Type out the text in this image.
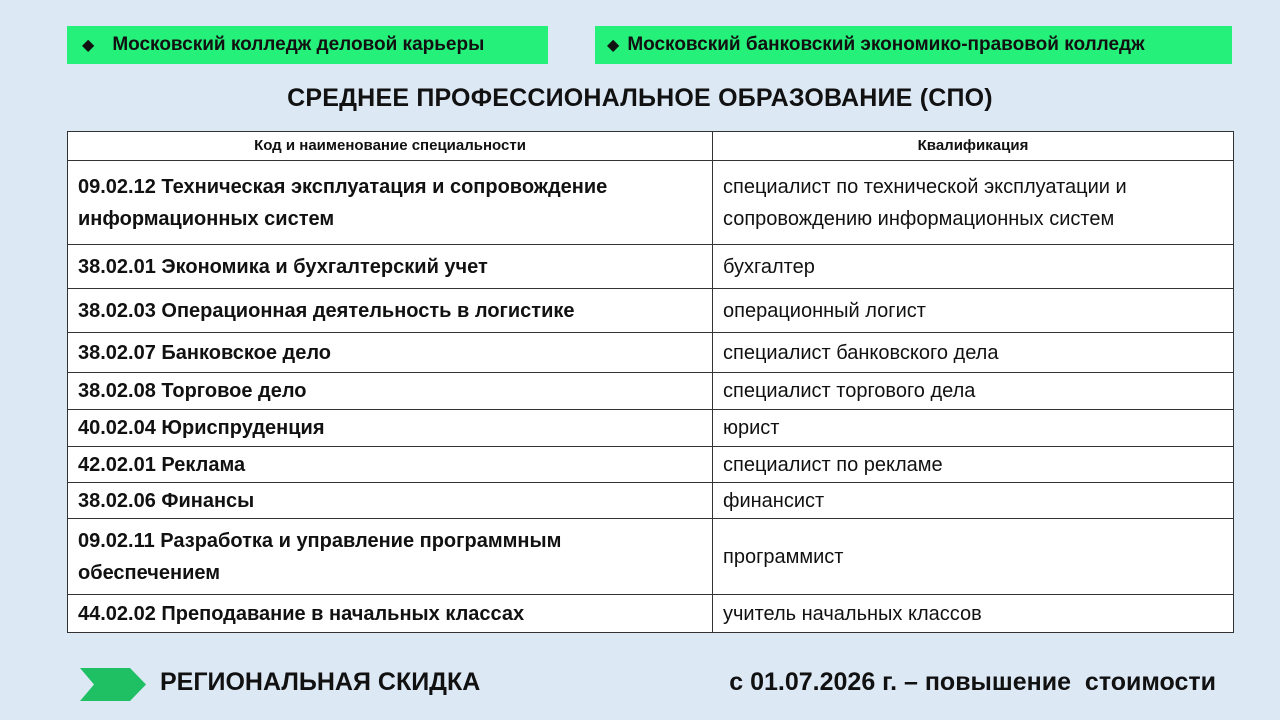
◆ Московский колледж деловой карьеры	◆ Московский банковский экономико-правовой колледж
СРЕДНЕЕ ПРОФЕССИОНАЛЬНОЕ ОБРАЗОВАНИЕ (СПО)
Код и наименование специальности	Квалификация
09.02.12 Техническая эксплуатация и сопровождение информационных систем	специалист по технической эксплуатации и сопровождению информационных систем
38.02.01 Экономика и бухгалтерский учет	бухгалтер
38.02.03 Операционная деятельность в логистике	операционный логист
38.02.07 Банковское дело	специалист банковского дела
38.02.08 Торговое дело	специалист торгового дела
40.02.04 Юриспруденция	юрист
42.02.01 Реклама	специалист по рекламе
38.02.06 Финансы	финансист
09.02.11 Разработка и управление программным обеспечением	программист
44.02.02 Преподавание в начальных классах	учитель начальных классов
РЕГИОНАЛЬНАЯ СКИДКА	с 01.07.2026 г. – повышение  стоимости
